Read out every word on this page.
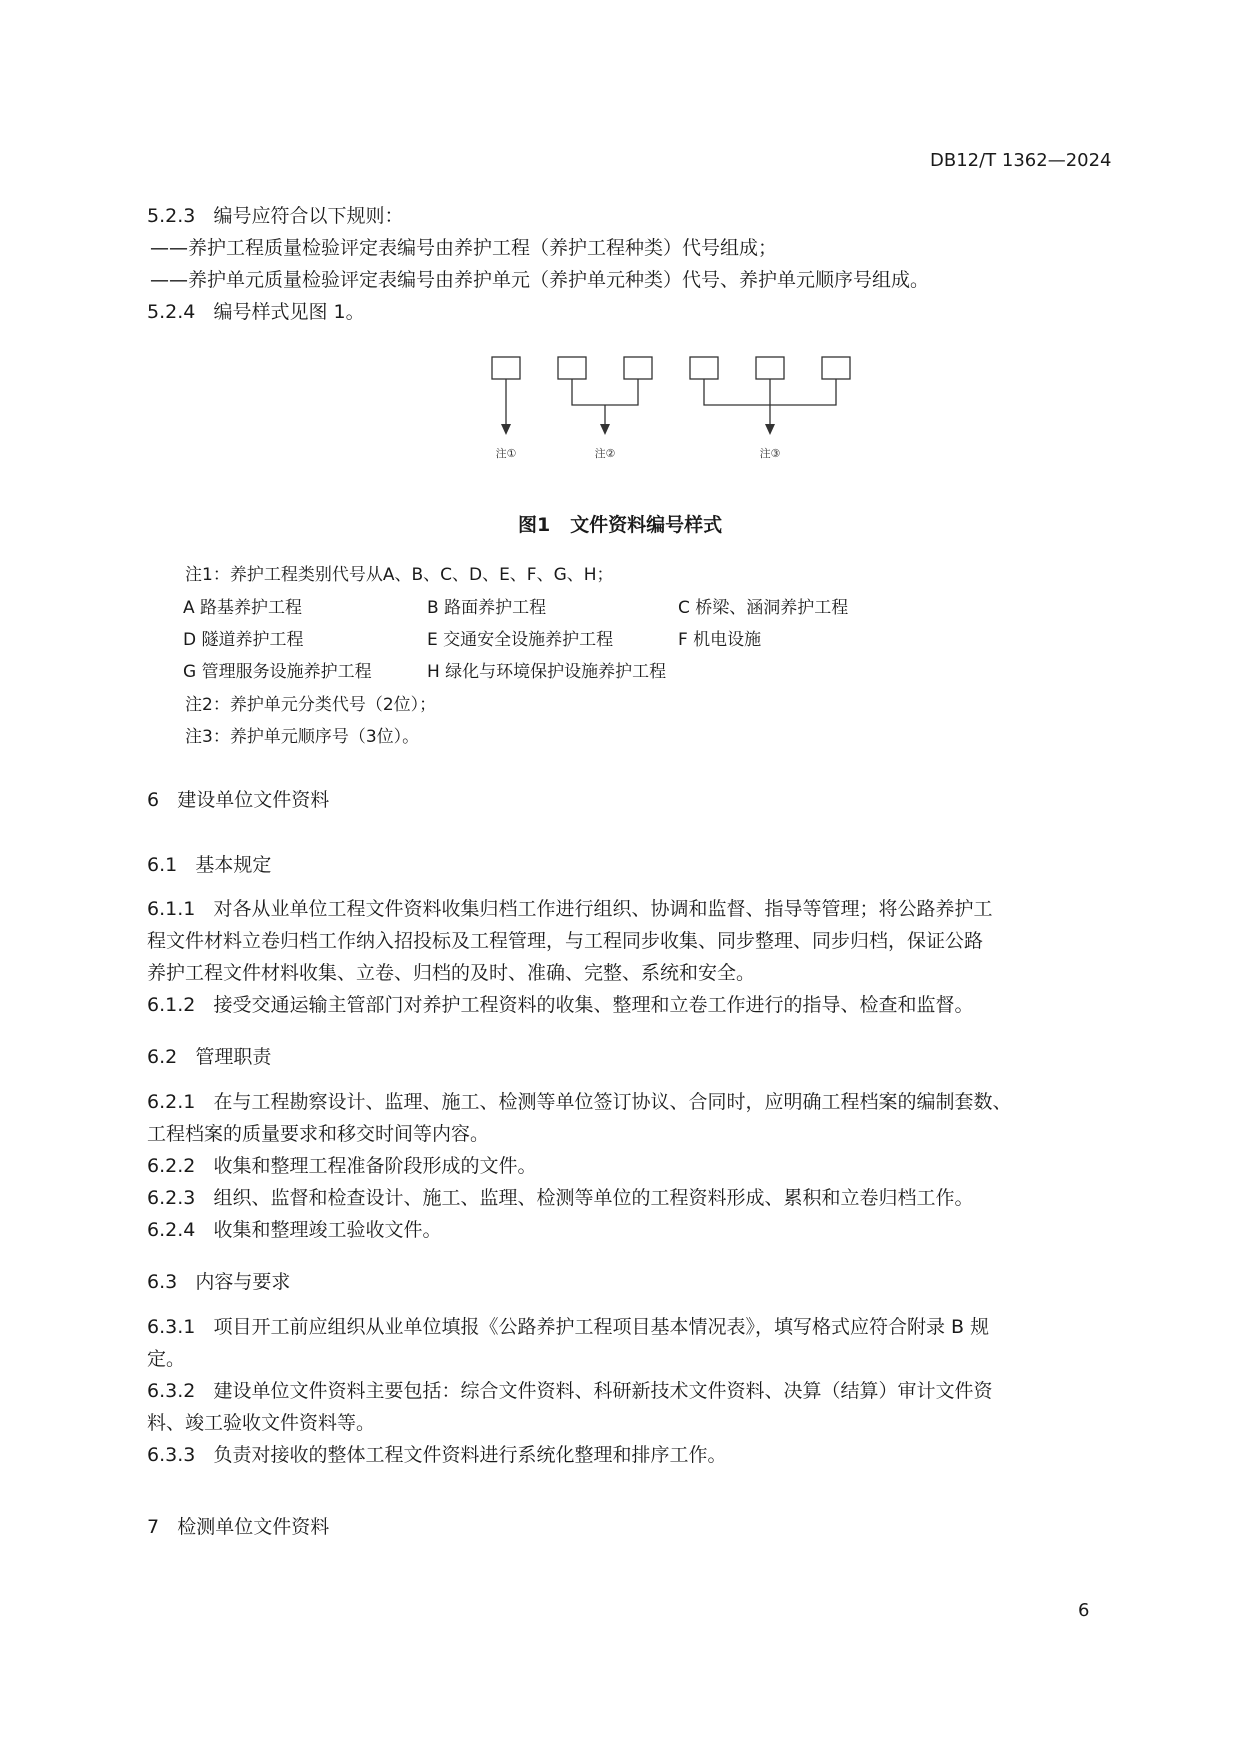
DB12/T 1362—2024
5.2.3 编号应符合以下规则：
——养护工程质量检验评定表编号由养护工程（养护工程种类）代号组成；
——养护单元质量检验评定表编号由养护单元（养护单元种类）代号、养护单元顺序号组成。
5.2.4 编号样式见图 1。
注①	注②	注③
图1 文件资料编号样式
注1：养护工程类别代号从A、B、C、D、E、F、G、H；
A 路基养护工程	B 路面养护工程	C 桥梁、涵洞养护工程
D 隧道养护工程	E 交通安全设施养护工程	F 机电设施
G 管理服务设施养护工程	H 绿化与环境保护设施养护工程
注2：养护单元分类代号（2位）；
注3：养护单元顺序号（3位）。
6 建设单位文件资料
6.1 基本规定
6.1.1 对各从业单位工程文件资料收集归档工作进行组织、协调和监督、指导等管理；将公路养护工
程文件材料立卷归档工作纳入招投标及工程管理，与工程同步收集、同步整理、同步归档，保证公路
养护工程文件材料收集、立卷、归档的及时、准确、完整、系统和安全。
6.1.2 接受交通运输主管部门对养护工程资料的收集、整理和立卷工作进行的指导、检查和监督。
6.2 管理职责
6.2.1 在与工程勘察设计、监理、施工、检测等单位签订协议、合同时，应明确工程档案的编制套数、
工程档案的质量要求和移交时间等内容。
6.2.2 收集和整理工程准备阶段形成的文件。
6.2.3 组织、监督和检查设计、施工、监理、检测等单位的工程资料形成、累积和立卷归档工作。
6.2.4 收集和整理竣工验收文件。
6.3 内容与要求
6.3.1 项目开工前应组织从业单位填报《公路养护工程项目基本情况表》，填写格式应符合附录 B 规
定。
6.3.2 建设单位文件资料主要包括：综合文件资料、科研新技术文件资料、决算（结算）审计文件资
料、竣工验收文件资料等。
6.3.3 负责对接收的整体工程文件资料进行系统化整理和排序工作。
7 检测单位文件资料
6
